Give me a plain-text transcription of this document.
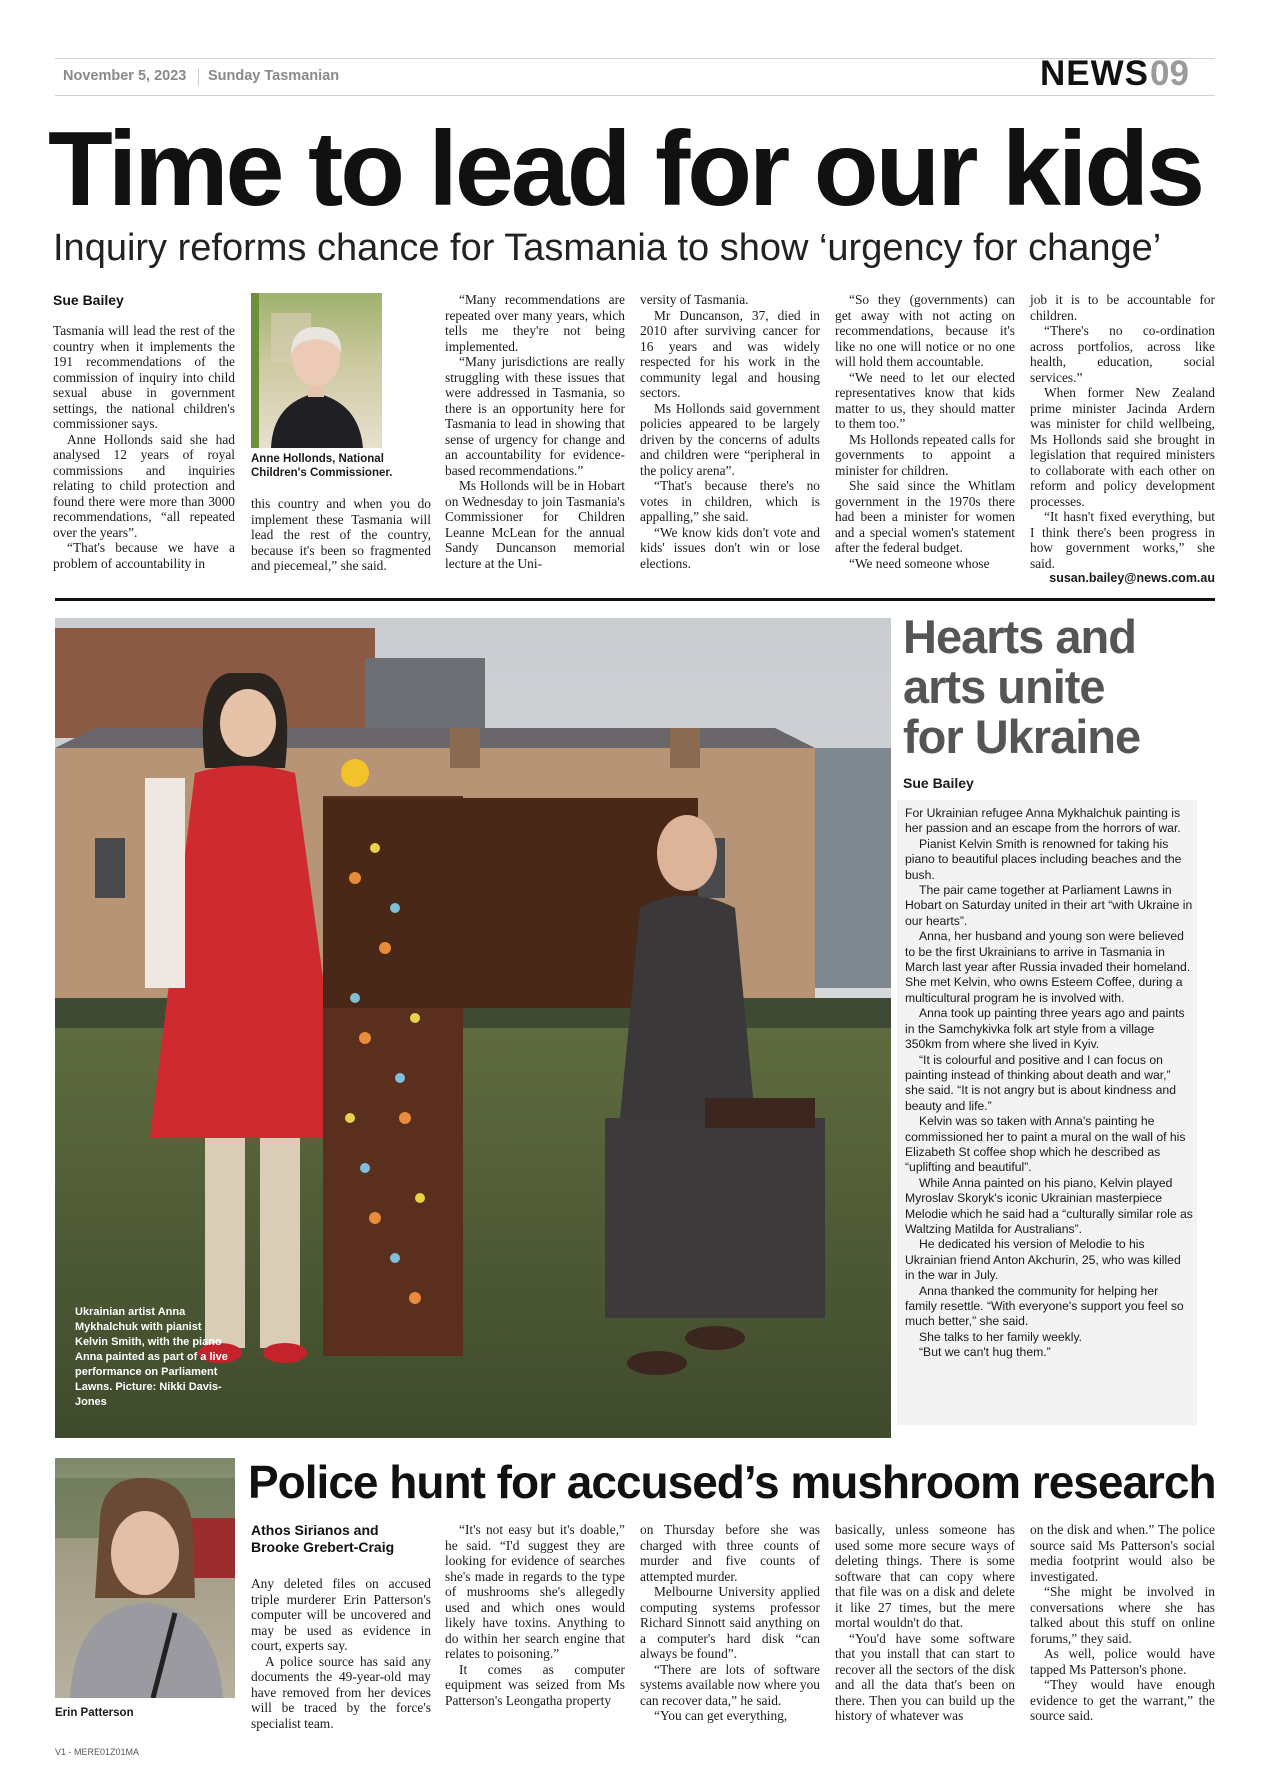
November 5, 2023 Sunday Tasmanian	NEWS 09
Time to lead for our kids
Inquiry reforms chance for Tasmania to show ‘urgency for change’
Sue Bailey

Tasmania will lead the rest of the country when it implements the 191 recommendations of the commission of inquiry into child sexual abuse in government settings, the national children's commissioner says.

Anne Hollonds said she had analysed 12 years of royal commissions and inquiries relating to child protection and found there were more than 3000 recommendations, “all repeated over the years”.

“That's because we have a problem of accountability in

Anne Hollonds, National Children's Commissioner.

this country and when you do implement these Tasmania will lead the rest of the country, because it's been so fragmented and piecemeal,” she said.

“Many recommendations are repeated over many years, which tells me they're not being implemented.

“Many jurisdictions are really struggling with these issues that were addressed in Tasmania, so there is an opportunity here for Tasmania to lead in showing that sense of urgency for change and an accountability for evidence-based recommendations.”

Ms Hollonds will be in Hobart on Wednesday to join Tasmania's Commissioner for Children Leanne McLean for the annual Sandy Duncanson memorial lecture at the Uni-

versity of Tasmania.

Mr Duncanson, 37, died in 2010 after surviving cancer for 16 years and was widely respected for his work in the community legal and housing sectors.

Ms Hollonds said government policies appeared to be largely driven by the concerns of adults and children were “peripheral in the policy arena”.

“That's because there's no votes in children, which is appalling,” she said.

“We know kids don't vote and kids' issues don't win or lose elections.

“So they (governments) can get away with not acting on recommendations, because it's like no one will notice or no one will hold them accountable.

“We need to let our elected representatives know that kids matter to us, they should matter to them too.”

Ms Hollonds repeated calls for governments to appoint a minister for children.

She said since the Whitlam government in the 1970s there had been a minister for women and a special women's statement after the federal budget.

“We need someone whose

job it is to be accountable for children.

“There's no co-ordination across portfolios, across like health, education, social services.”

When former New Zealand prime minister Jacinda Ardern was minister for child wellbeing, Ms Hollonds said she brought in legislation that required ministers to collaborate with each other on reform and policy development processes.

“It hasn't fixed everything, but I think there's been progress in how government works,” she said.

susan.bailey@news.com.au

Ukrainian artist Anna Mykhalchuk with pianist Kelvin Smith, with the piano Anna painted as part of a live performance on Parliament Lawns. Picture: Nikki Davis-Jones
Hearts and
arts unite
for Ukraine
Sue Bailey

For Ukrainian refugee Anna Mykhalchuk painting is her passion and an escape from the horrors of war.

Pianist Kelvin Smith is renowned for taking his piano to beautiful places including beaches and the bush.

The pair came together at Parliament Lawns in Hobart on Saturday united in their art “with Ukraine in our hearts”.

Anna, her husband and young son were believed to be the first Ukrainians to arrive in Tasmania in March last year after Russia invaded their homeland. She met Kelvin, who owns Esteem Coffee, during a multicultural program he is involved with.

Anna took up painting three years ago and paints in the Samchykivka folk art style from a village 350km from where she lived in Kyiv.

“It is colourful and positive and I can focus on painting instead of thinking about death and war,” she said. “It is not angry but is about kindness and beauty and life.”

Kelvin was so taken with Anna's painting he commissioned her to paint a mural on the wall of his Elizabeth St coffee shop which he described as “uplifting and beautiful”.

While Anna painted on his piano, Kelvin played Myroslav Skoryk's iconic Ukrainian masterpiece Melodie which he said had a “culturally similar role as Waltzing Matilda for Australians”.

He dedicated his version of Melodie to his Ukrainian friend Anton Akchurin, 25, who was killed in the war in July.

Anna thanked the community for helping her family resettle. “With everyone's support you feel so much better,” she said.

She talks to her family weekly.

“But we can't hug them.”

Erin Patterson
Police hunt for accused’s mushroom research
Athos Sirianos and
Brooke Grebert-Craig

Any deleted files on accused triple murderer Erin Patterson's computer will be uncovered and may be used as evidence in court, experts say.

A police source has said any documents the 49-year-old may have removed from her devices will be traced by the force's specialist team.

“It's not easy but it's doable,” he said. “I'd suggest they are looking for evidence of searches she's made in regards to the type of mushrooms she's allegedly used and which ones would likely have toxins. Anything to do within her search engine that relates to poisoning.”

It comes as computer equipment was seized from Ms Patterson's Leongatha property

on Thursday before she was charged with three counts of murder and five counts of attempted murder.

Melbourne University applied computing systems professor Richard Sinnott said anything on a computer's hard disk “can always be found”.

“There are lots of software systems available now where you can recover data,” he said.

“You can get everything,

basically, unless someone has used some more secure ways of deleting things. There is some software that can copy where that file was on a disk and delete it like 27 times, but the mere mortal wouldn't do that.

“You'd have some software that you install that can start to recover all the sectors of the disk and all the data that's been on there. Then you can build up the history of whatever was

on the disk and when.” The police source said Ms Patterson's social media footprint would also be investigated.

“She might be involved in conversations where she has talked about this stuff on online forums,” they said.

As well, police would have tapped Ms Patterson's phone.

“They would have enough evidence to get the warrant,” the source said.

V1 - MERE01Z01MA
